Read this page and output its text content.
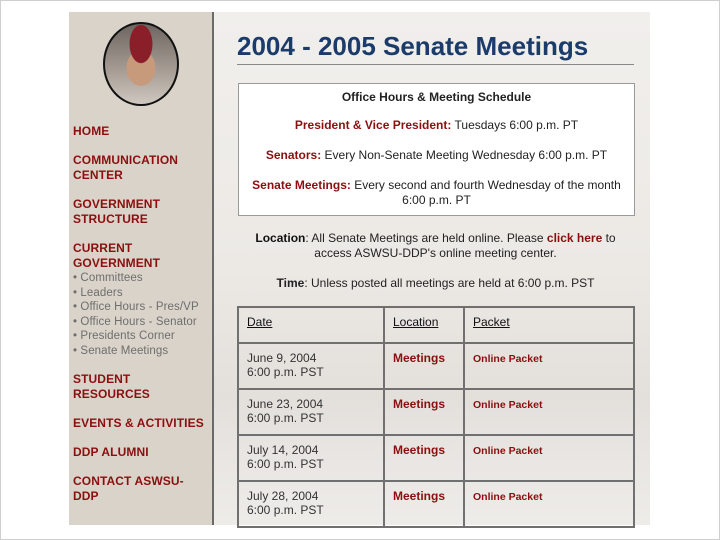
HOME
COMMUNICATION CENTER
GOVERNMENT STRUCTURE
CURRENT GOVERNMENT
• Committees
• Leaders
• Office Hours - Pres/VP
• Office Hours - Senator
• Presidents Corner
• Senate Meetings
STUDENT RESOURCES
EVENTS & ACTIVITIES
DDP ALUMNI
CONTACT ASWSU-DDP
2004 - 2005 Senate Meetings

Office Hours & Meeting Schedule

President & Vice President: Tuesdays 6:00 p.m. PT

Senators: Every Non-Senate Meeting Wednesday 6:00 p.m. PT

Senate Meetings: Every second and fourth Wednesday of the month 6:00 p.m. PT

Location: All Senate Meetings are held online. Please click here to access ASWSU-DDP's online meeting center.
Time: Unless posted all meetings are held at 6:00 p.m. PST
Date	Location	Packet
June 9, 2004
6:00 p.m. PST	Meetings	Online Packet
June 23, 2004
6:00 p.m. PST	Meetings	Online Packet
July 14, 2004
6:00 p.m. PST	Meetings	Online Packet
July 28, 2004
6:00 p.m. PST	Meetings	Online Packet
